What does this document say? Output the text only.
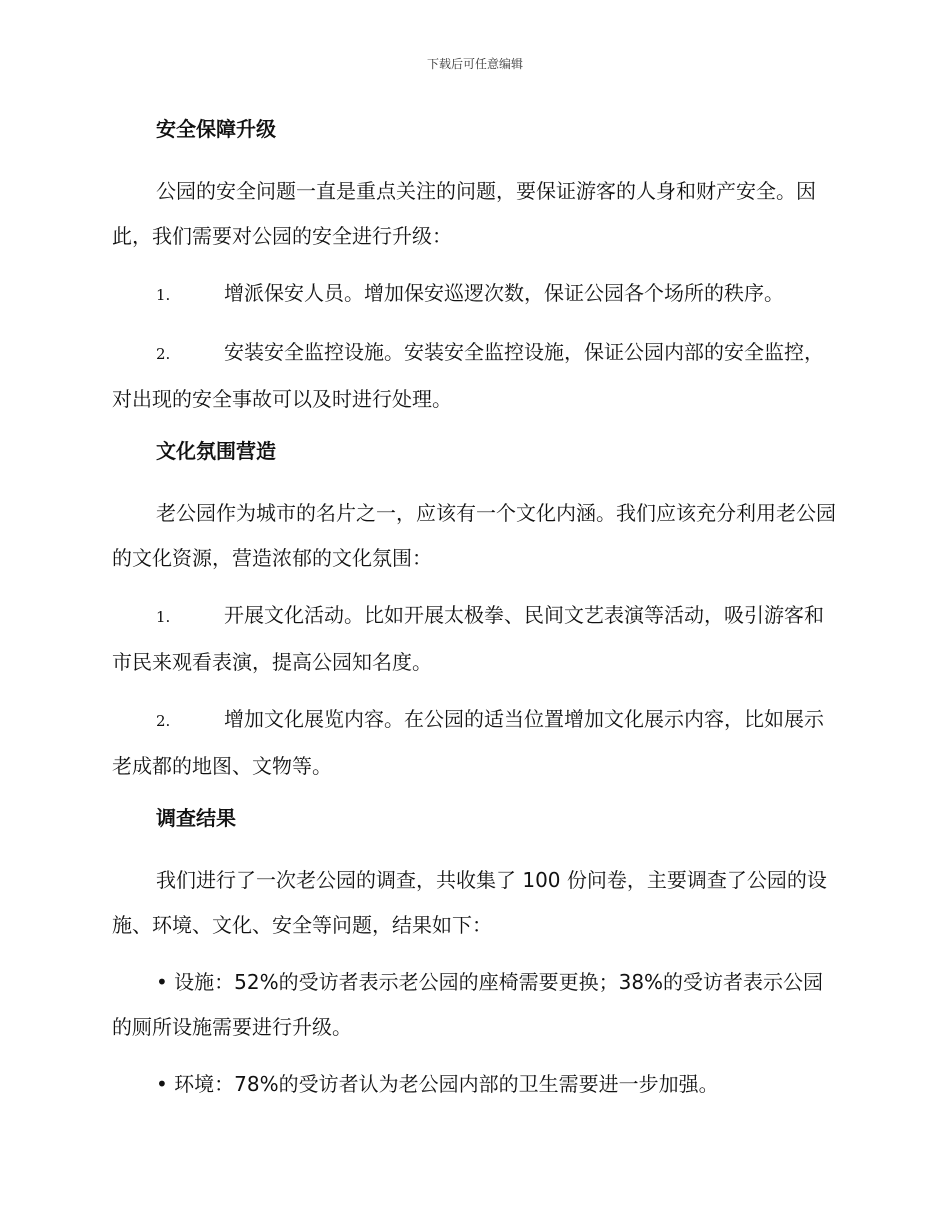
下载后可任意编辑
安全保障升级
公园的安全问题一直是重点关注的问题，要保证游客的人身和财产安全。因此，我们需要对公园的安全进行升级：
1.	增派保安人员。增加保安巡逻次数，保证公园各个场所的秩序。
2.	安装安全监控设施。安装安全监控设施，保证公园内部的安全监控，对出现的安全事故可以及时进行处理。
文化氛围营造
老公园作为城市的名片之一，应该有一个文化内涵。我们应该充分利用老公园的文化资源，营造浓郁的文化氛围：
1.	开展文化活动。比如开展太极拳、民间文艺表演等活动，吸引游客和市民来观看表演，提高公园知名度。
2.	增加文化展览内容。在公园的适当位置增加文化展示内容，比如展示老成都的地图、文物等。
调查结果
我们进行了一次老公园的调查，共收集了 100 份问卷，主要调查了公园的设施、环境、文化、安全等问题，结果如下：
• 设施：52%的受访者表示老公园的座椅需要更换；38%的受访者表示公园的厕所设施需要进行升级。
• 环境：78%的受访者认为老公园内部的卫生需要进一步加强。
